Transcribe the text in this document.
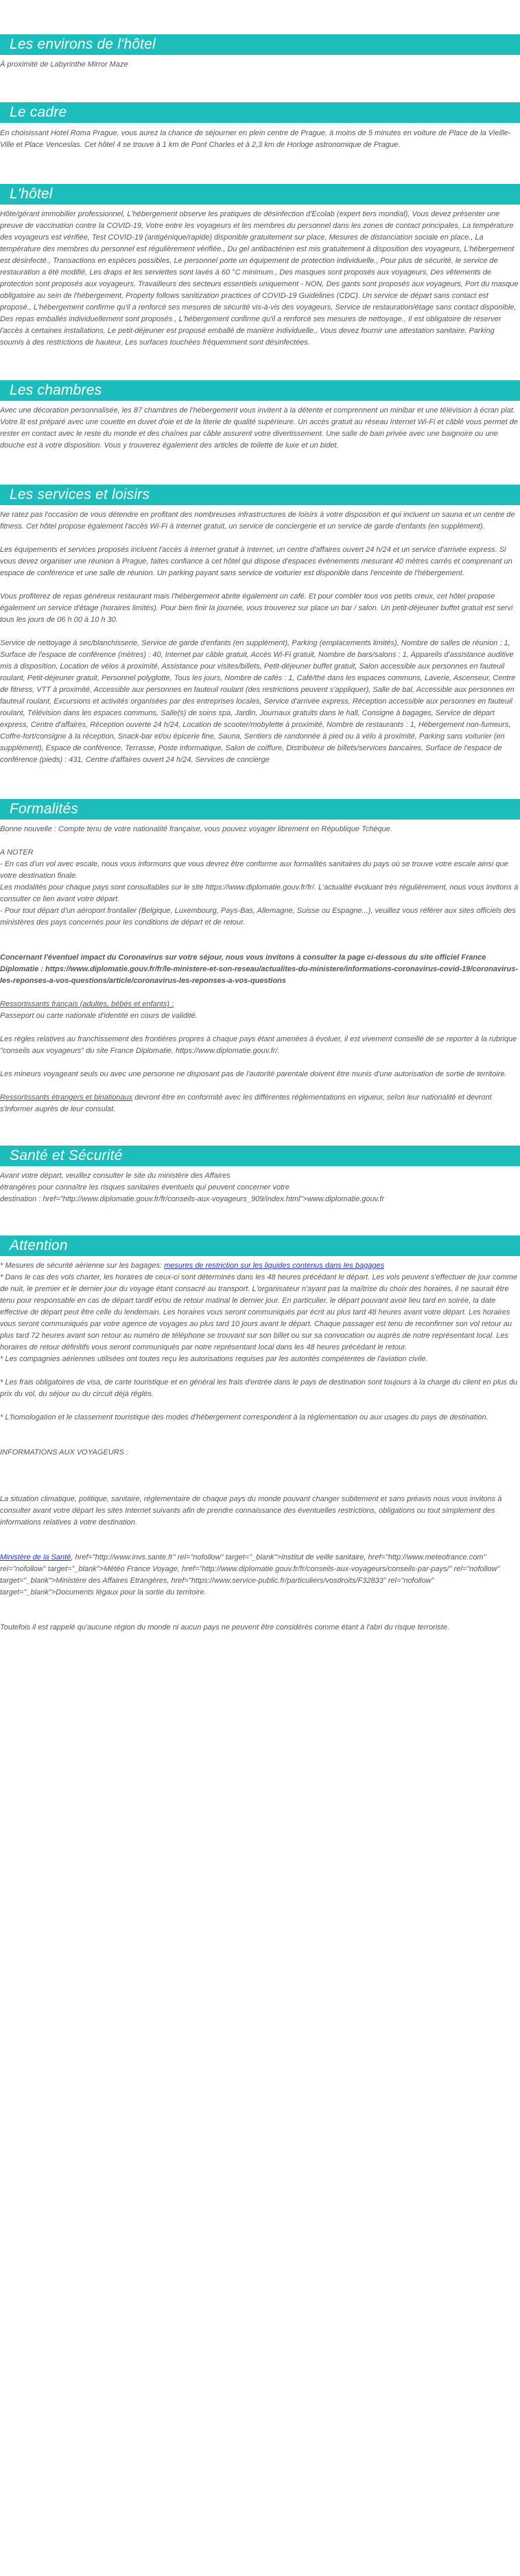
Les environs de l'hôtel

À proximité de Labyrinthe Mirror Maze

Le cadre

En choisissant Hotel Roma Prague, vous aurez la chance de séjourner en plein centre de Prague, à moins de 5 minutes en voiture de Place de la Vieille-Ville et Place Venceslas. Cet hôtel 4 se trouve à 1 km de Pont Charles et à 2,3 km de Horloge astronomique de Prague.

L'hôtel

Hôte/gérant immobilier professionnel, L'hébergement observe les pratiques de désinfection d'Ecolab (expert tiers mondial), Vous devez présenter une preuve de vaccination contre la COVID-19, Votre entre les voyageurs et les membres du personnel dans les zones de contact principales, La température des voyageurs est vérifiée, Test COVID-19 (antigénique/rapide) disponible gratuitement sur place, Mesures de distanciation sociale en place., La température des membres du personnel est régulièrement vérifiée., Du gel antibactérien est mis gratuitement à disposition des voyageurs, L'hébergement est désinfecté., Transactions en espèces possibles, Le personnel porte un équipement de protection individuelle., Pour plus de sécurité, le service de restauration a été modifié, Les draps et les serviettes sont lavés à 60 °C minimum., Des masques sont proposés aux voyageurs, Des vêtements de protection sont proposés aux voyageurs, Travailleurs des secteurs essentiels uniquement - NON, Des gants sont proposés aux voyageurs, Port du masque obligatoire au sein de l'hébergement, Property follows sanitization practices of COVID-19 Guidelines (CDC). Un service de départ sans contact est proposé., L'hébergement confirme qu'il a renforcé ses mesures de sécurité vis-à-vis des voyageurs, Service de restauration/étage sans contact disponible, Des repas emballés individuellement sont proposés., L'hébergement confirme qu'il a renforcé ses mesures de nettoyage., Il est obligatoire de réserver l'accès à certaines installations, Le petit-déjeuner est proposé emballé de manière individuelle., Vous devez fournir une attestation sanitaire, Parking soumis à des restrictions de hauteur, Les surfaces touchées fréquemment sont désinfectées.

Les chambres

Avec une décoration personnalisée, les 87 chambres de l'hébergement vous invitent à la détente et comprennent un minibar et une télévision à écran plat. Votre lit est préparé avec une couette en duvet d'oie et de la literie de qualité supérieure. Un accès gratuit au réseau Internet Wi-Fi et câblé vous permet de rester en contact avec le reste du monde et des chaînes par câble assurent votre divertissement. Une salle de bain privée avec une baignoire ou une douche est à votre disposition. Vous y trouverez également des articles de toilette de luxe et un bidet.

Les services et loisirs

Ne ratez pas l'occasion de vous détendre en profitant des nombreuses infrastructures de loisirs à votre disposition et qui incluent un sauna et un centre de fitness. Cet hôtel propose également l'accès Wi-Fi à Internet gratuit, un service de conciergerie et un service de garde d'enfants (en supplément).

Les équipements et services proposés incluent l'accès à internet gratuit à Internet, un centre d'affaires ouvert 24 h/24 et un service d'arrivée express. Si vous devez organiser une réunion à Prague, faites confiance à cet hôtel qui dispose d'espaces événements mesurant 40 mètres carrés et comprenant un espace de conférence et une salle de réunion. Un parking payant sans service de voiturier est disponible dans l'enceinte de l'hébergement.

Vous profiterez de repas généreux restaurant mais l'hébergement abrite également un café. Et pour combler tous vos petits creux, cet hôtel propose également un service d'étage (horaires limités). Pour bien finir la journée, vous trouverez sur place un bar / salon. Un petit-déjeuner buffet gratuit est servi tous les jours de 06 h 00 à 10 h 30.

Service de nettoyage à sec/blanchisserie, Service de garde d'enfants (en supplément), Parking (emplacements limités), Nombre de salles de réunion : 1, Surface de l'espace de conférence (mètres) : 40, Internet par câble gratuit, Accès Wi-Fi gratuit, Nombre de bars/salons : 1, Appareils d'assistance auditive mis à disposition, Location de vélos à proximité, Assistance pour visites/billets, Petit-déjeuner buffet gratuit, Salon accessible aux personnes en fauteuil roulant, Petit-déjeuner gratuit, Personnel polyglotte, Tous les jours, Nombre de cafés : 1, Café/thé dans les espaces communs, Laverie, Ascenseur, Centre de fitness, VTT à proximité, Accessible aux personnes en fauteuil roulant (des restrictions peuvent s'appliquer), Salle de bal, Accessible aux personnes en fauteuil roulant, Excursions et activités organisées par des entreprises locales, Service d'arrivée express, Réception accessible aux personnes en fauteuil roulant, Télévision dans les espaces communs, Salle(s) de soins spa, Jardin, Journaux gratuits dans le hall, Consigne à bagages, Service de départ express, Centre d'affaires, Réception ouverte 24 h/24, Location de scooter/mobylette à proximité, Nombre de restaurants : 1, Hébergement non-fumeurs, Coffre-fort/consigne à la réception, Snack-bar et/ou épicerie fine, Sauna, Sentiers de randonnée à pied ou à vélo à proximité, Parking sans voiturier (en supplément), Espace de conférence, Terrasse, Poste informatique, Salon de coiffure, Distributeur de billets/services bancaires, Surface de l'espace de conférence (pieds) : 431, Centre d'affaires ouvert 24 h/24, Services de concierge

Formalités

Bonne nouvelle : Compte tenu de votre nationalité française, vous pouvez voyager librement en République Tchèque.

A NOTER

- En cas d'un vol avec escale, nous vous informons que vous devrez être conforme aux formalités sanitaires du pays où se trouve votre escale ainsi que votre destination finale.

Les modalités pour chaque pays sont consultables sur le site https://www.diplomatie.gouv.fr/fr/. L'actualité évoluant très régulièrement, nous vous invitons à consulter ce lien avant votre départ.

- Pour tout départ d'un aéroport frontalier (Belgique, Luxembourg, Pays-Bas, Allemagne, Suisse ou Espagne...), veuillez vous référer aux sites officiels des ministères des pays concernés pour les conditions de départ et de retour.

Concernant l'éventuel impact du Coronavirus sur votre séjour, nous vous invitons à consulter la page ci-dessous du site officiel France Diplomatie : https://www.diplomatie.gouv.fr/fr/le-ministere-et-son-reseau/actualites-du-ministere/informations-coronavirus-covid-19/coronavirus-les-reponses-a-vos-questions/article/coronavirus-les-reponses-a-vos-questions

Ressortissants français (adultes, bébés et enfants) :

Passeport ou carte nationale d'identité en cours de validité.

Les règles relatives au franchissement des frontières propres à chaque pays étant amenées à évoluer, il est vivement conseillé de se reporter à la rubrique "conseils aux voyageurs" du site France Diplomatie, https://www.diplomatie.gouv.fr/.

Les mineurs voyageant seuls ou avec une personne ne disposant pas de l'autorité parentale doivent être munis d'une autorisation de sortie de territoire.

Ressortissants étrangers et binationaux devront être en conformité avec les différentes réglementations en vigueur, selon leur nationalité et devront s'informer auprès de leur consulat.

Santé et Sécurité

Avant votre départ, veuillez consulter le site du ministère des Affaires

étrangères pour connaître les risques sanitaires éventuels qui peuvent concerner votre

destination : href="http://www.diplomatie.gouv.fr/fr/conseils-aux-voyageurs_909/index.html">www.diplomatie.gouv.fr

Attention

* Mesures de sécurité aérienne sur les bagages: mesures de restriction sur les liquides contenus dans les bagages

* Dans le cas des vols charter, les horaires de ceux-ci sont déterminés dans les 48 heures précédant le départ. Les vols peuvent s'effectuer de jour comme de nuit, le premier et le dernier jour du voyage étant consacré au transport. L'organisateur n'ayant pas la maîtrise du choix des horaires, il ne saurait être tenu pour responsable en cas de départ tardif et/ou de retour matinal le dernier jour. En particulier, le départ pouvant avoir lieu tard en soirée, la date effective de départ peut être celle du lendemain. Les horaires vous seront communiqués par écrit au plus tard 48 heures avant votre départ. Les horaires vous seront communiqués par votre agence de voyages au plus tard 10 jours avant le départ. Chaque passager est tenu de reconfirmer son vol retour au plus tard 72 heures avant son retour au numéro de téléphone se trouvant sur son billet ou sur sa convocation ou auprès de notre représentant local. Les horaires de retour définitifs vous seront communiqués par notre représentant local dans les 48 heures précédant le retour.

* Les compagnies aériennes utilisées ont toutes reçu les autorisations requises par les autorités compétentes de l'aviation civile.

* Les frais obligatoires de visa, de carte touristique et en général les frais d'entrée dans le pays de destination sont toujours à la charge du client en plus du prix du vol, du séjour ou du circuit déjà réglés.

* L'homologation et le classement touristique des modes d'hébergement correspondent à la réglementation ou aux usages du pays de destination.

INFORMATIONS AUX VOYAGEURS :

La situation climatique, politique, sanitaire, réglementaire de chaque pays du monde pouvant changer subitement et sans préavis nous vous invitons à consulter avant votre départ les sites Internet suivants afin de prendre connaissance des éventuelles restrictions, obligations ou tout simplement des informations relatives à votre destination.

Ministère de la Santé, href="http://www.invs.sante.fr" rel="nofollow" target="_blank">Institut de veille sanitaire, href="http://www.meteofrance.com" rel="nofollow" target="_blank">Météo France Voyage, href="http://www.diplomatie.gouv.fr/fr/conseils-aux-voyageurs/conseils-par-pays/" rel="nofollow" target="_blank">Ministère des Affaires Etrangères, href="https://www.service-public.fr/particuliers/vosdroits/F32833" rel="nofollow" target="_blank">Documents légaux pour la sortie du territoire.

Toutefois il est rappelé qu'aucune région du monde ni aucun pays ne peuvent être considérés comme étant à l'abri du risque terroriste.
